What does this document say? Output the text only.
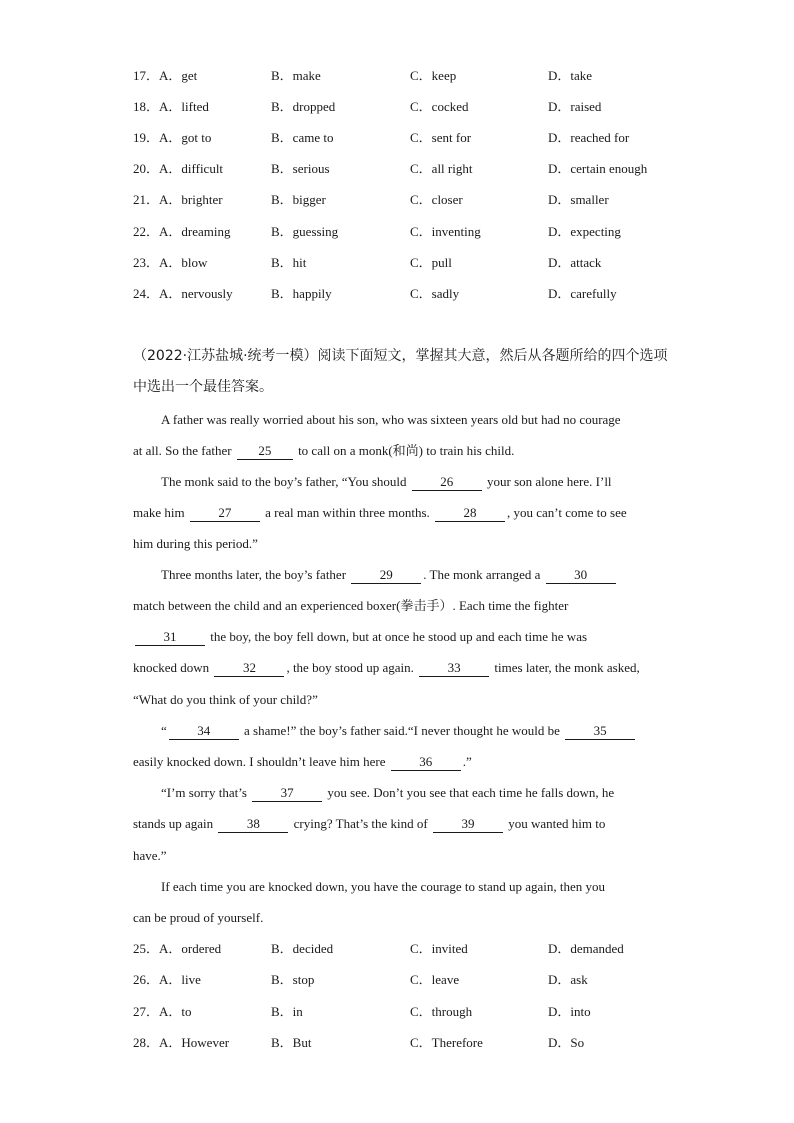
17．A．get	B．make	C．keep	D．take
18．A．lifted	B．dropped	C．cocked	D．raised
19．A．got to	B．came to	C．sent for	D．reached for
20．A．difficult	B．serious	C．all right	D．certain enough
21．A．brighter	B．bigger	C．closer	D．smaller
22．A．dreaming	B．guessing	C．inventing	D．expecting
23．A．blow	B．hit	C．pull	D．attack
24．A．nervously	B．happily	C．sadly	D．carefully
（2022·江苏盐城·统考一模）阅读下面短文，掌握其大意，然后从各题所给的四个选项
中选出一个最佳答案。
A father was really worried about his son, who was sixteen years old but had no courage
at all. So the father 25 to call on a monk(和尚) to train his child.
The monk said to the boy’s father, “You should 26 your son alone here. I’ll
make him 27 a real man within three months. 28 , you can’t come to see
him during this period.”
Three months later, the boy’s father 29 . The monk arranged a 30
match between the child and an experienced boxer(拳击手）. Each time the fighter
31 the boy, the boy fell down, but at once he stood up and each time he was
knocked down 32 , the boy stood up again. 33 times later, the monk asked,
“What do you think of your child?”
“ 34 a shame!” the boy’s father said.“I never thought he would be 35
easily knocked down. I shouldn’t leave him here 36 .”
“I’m sorry that’s 37 you see. Don’t you see that each time he falls down, he
stands up again 38 crying? That’s the kind of 39 you wanted him to
have.”
If each time you are knocked down, you have the courage to stand up again, then you
can be proud of yourself.
25．A．ordered	B．decided	C．invited	D．demanded
26．A．live	B．stop	C．leave	D．ask
27．A．to	B．in	C．through	D．into
28．A．However	B．But	C．Therefore	D．So
